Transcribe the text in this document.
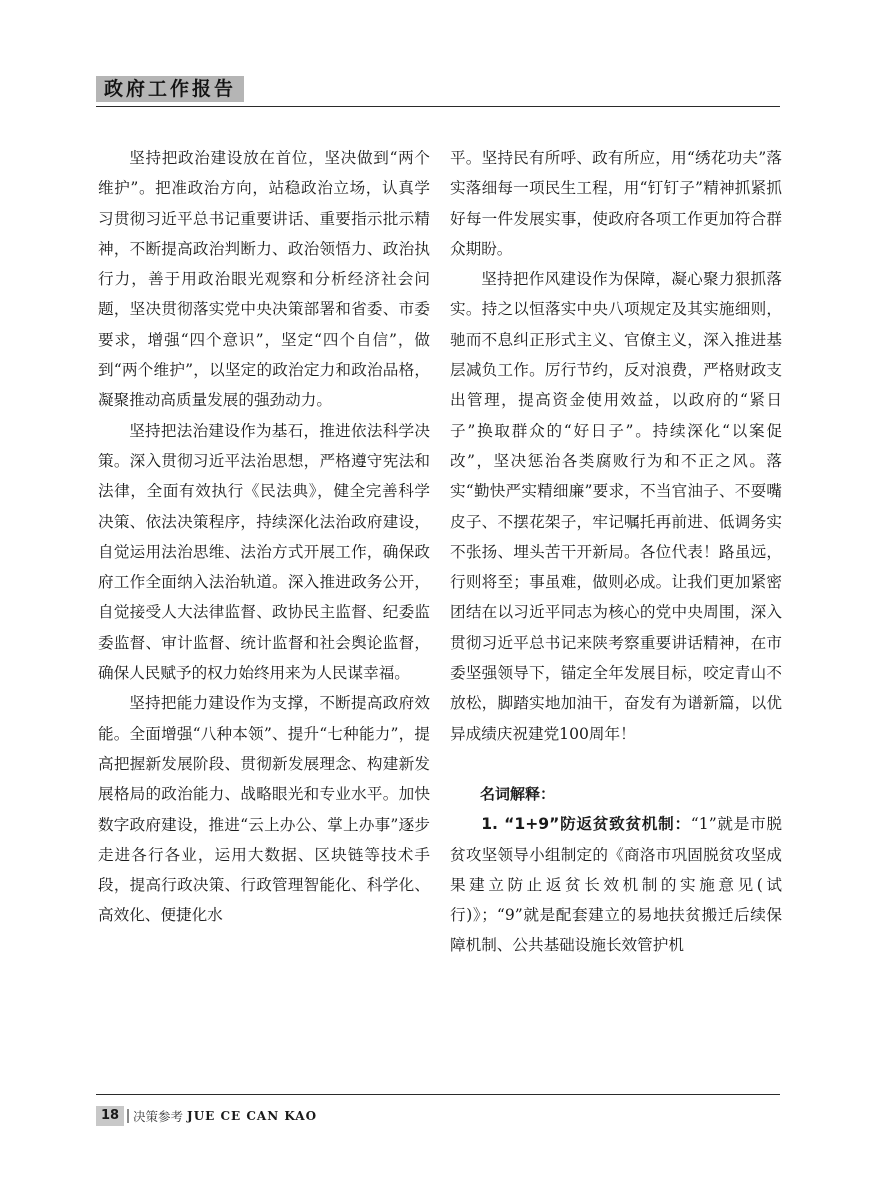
政府工作报告

坚持把政治建设放在首位，坚决做到“两个维护”。把准政治方向，站稳政治立场，认真学习贯彻习近平总书记重要讲话、重要指示批示精神，不断提高政治判断力、政治领悟力、政治执行力，善于用政治眼光观察和分析经济社会问题，坚决贯彻落实党中央决策部署和省委、市委要求，增强“四个意识”，坚定“四个自信”，做到“两个维护”，以坚定的政治定力和政治品格，凝聚推动高质量发展的强劲动力。

坚持把法治建设作为基石，推进依法科学决策。深入贯彻习近平法治思想，严格遵守宪法和法律，全面有效执行《民法典》，健全完善科学决策、依法决策程序，持续深化法治政府建设，自觉运用法治思维、法治方式开展工作，确保政府工作全面纳入法治轨道。深入推进政务公开，自觉接受人大法律监督、政协民主监督、纪委监委监督、审计监督、统计监督和社会舆论监督，确保人民赋予的权力始终用来为人民谋幸福。

坚持把能力建设作为支撑，不断提高政府效能。全面增强“八种本领”、提升“七种能力”，提高把握新发展阶段、贯彻新发展理念、构建新发展格局的政治能力、战略眼光和专业水平。加快数字政府建设，推进“云上办公、掌上办事”逐步走进各行各业，运用大数据、区块链等技术手段，提高行政决策、行政管理智能化、科学化、高效化、便捷化水

平。坚持民有所呼、政有所应，用“绣花功夫”落实落细每一项民生工程，用“钉钉子”精神抓紧抓好每一件发展实事，使政府各项工作更加符合群众期盼。

坚持把作风建设作为保障，凝心聚力狠抓落实。持之以恒落实中央八项规定及其实施细则，驰而不息纠正形式主义、官僚主义，深入推进基层减负工作。厉行节约，反对浪费，严格财政支出管理，提高资金使用效益，以政府的“紧日子”换取群众的“好日子”。持续深化“以案促改”，坚决惩治各类腐败行为和不正之风。落实“勤快严实精细廉”要求，不当官油子、不耍嘴皮子、不摆花架子，牢记嘱托再前进、低调务实不张扬、埋头苦干开新局。各位代表！路虽远，行则将至；事虽难，做则必成。让我们更加紧密团结在以习近平同志为核心的党中央周围，深入贯彻习近平总书记来陕考察重要讲话精神，在市委坚强领导下，锚定全年发展目标，咬定青山不放松，脚踏实地加油干，奋发有为谱新篇，以优异成绩庆祝建党100周年！

名词解释：

1. “1+9”防返贫致贫机制：“1”就是市脱贫攻坚领导小组制定的《商洛市巩固脱贫攻坚成果建立防止返贫长效机制的实施意见(试行)》；“9”就是配套建立的易地扶贫搬迁后续保障机制、公共基础设施长效管护机

18	决策参考 JUE CE CAN KAO
